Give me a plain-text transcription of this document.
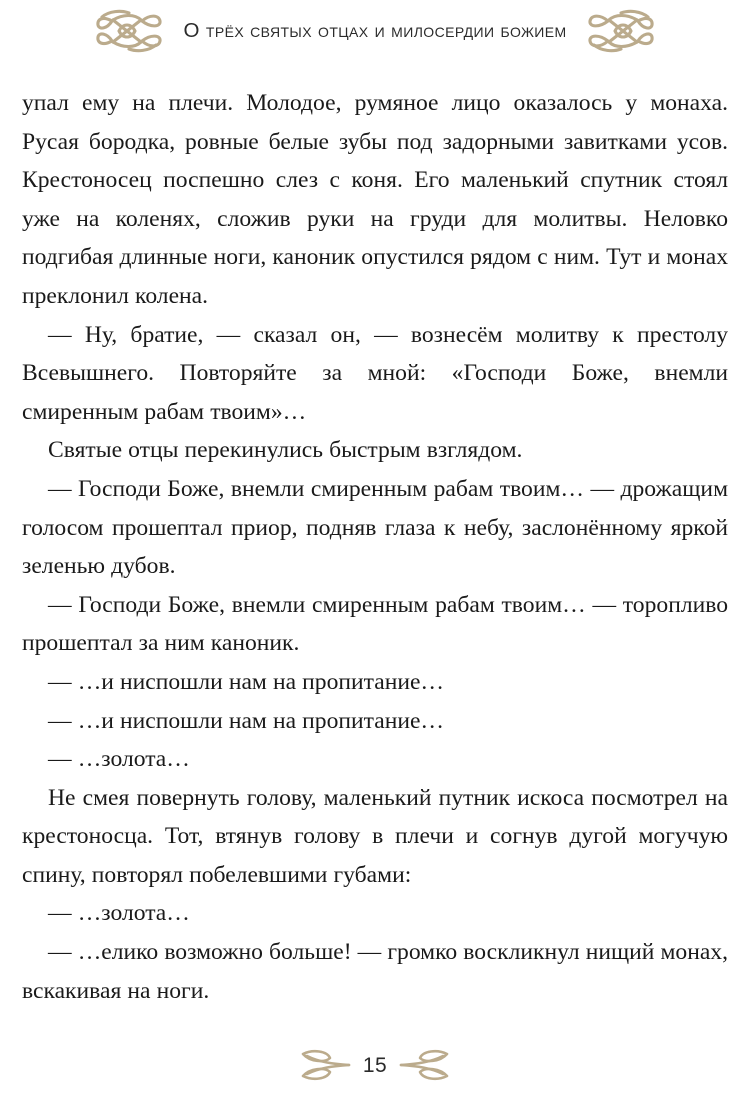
О трёх святых отцах и милосердии божием

упал ему на плечи. Молодое, румяное лицо оказалось у монаха. Русая бородка, ровные белые зубы под задорными завитками усов. Крестоносец поспешно слез с коня. Его маленький спутник стоял уже на коленях, сложив руки на груди для молитвы. Неловко подгибая длинные ноги, каноник опустился рядом с ним. Тут и монах преклонил колена.

— Ну, братие, — сказал он, — вознесём молитву к престолу Всевышнего. Повторяйте за мной: «Господи Боже, внемли смиренным рабам твоим»…

Святые отцы перекинулись быстрым взглядом.

— Господи Боже, внемли смиренным рабам твоим… — дрожащим голосом прошептал приор, подняв глаза к небу, заслонённому яркой зеленью дубов.

— Господи Боже, внемли смиренным рабам твоим… — торопливо прошептал за ним каноник.

— …и ниспошли нам на пропитание…

— …и ниспошли нам на пропитание…

— …золота…

Не смея повернуть голову, маленький путник искоса посмотрел на крестоносца. Тот, втянув голову в плечи и согнув дугой могучую спину, повторял побелевшими губами:

— …золота…

— …елико возможно больше! — громко воскликнул нищий монах, вскакивая на ноги.

15
